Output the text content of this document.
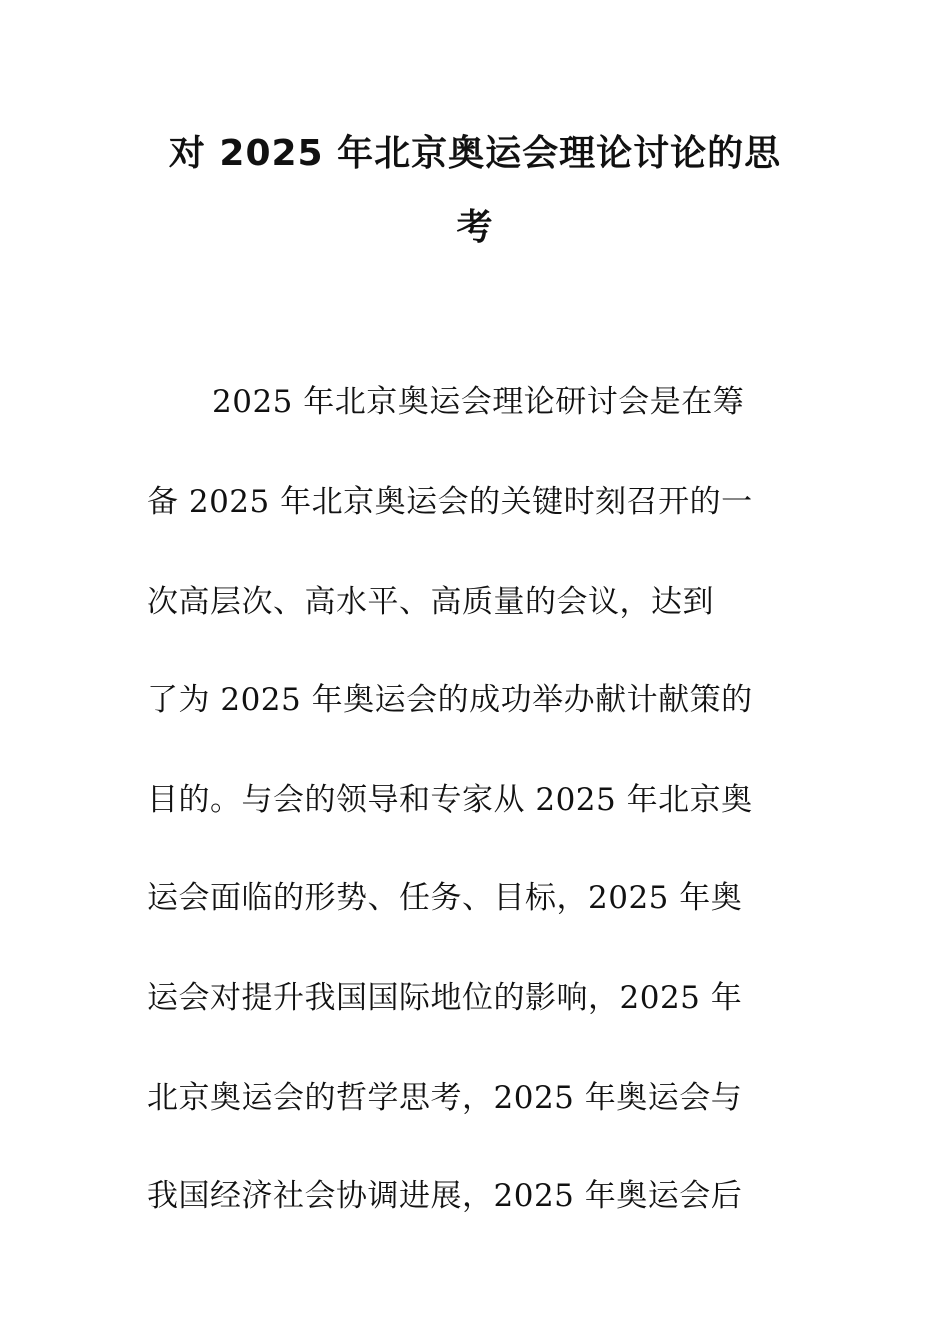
对 2025 年北京奥运会理论讨论的思
考
2025 年北京奥运会理论研讨会是在筹
备 2025 年北京奥运会的关键时刻召开的一
次高层次、高水平、高质量的会议，达到
了为 2025 年奥运会的成功举办献计献策的
目的。与会的领导和专家从 2025 年北京奥
运会面临的形势、任务、目标，2025 年奥
运会对提升我国国际地位的影响，2025 年
北京奥运会的哲学思考，2025 年奥运会与
我国经济社会协调进展，2025 年奥运会后
